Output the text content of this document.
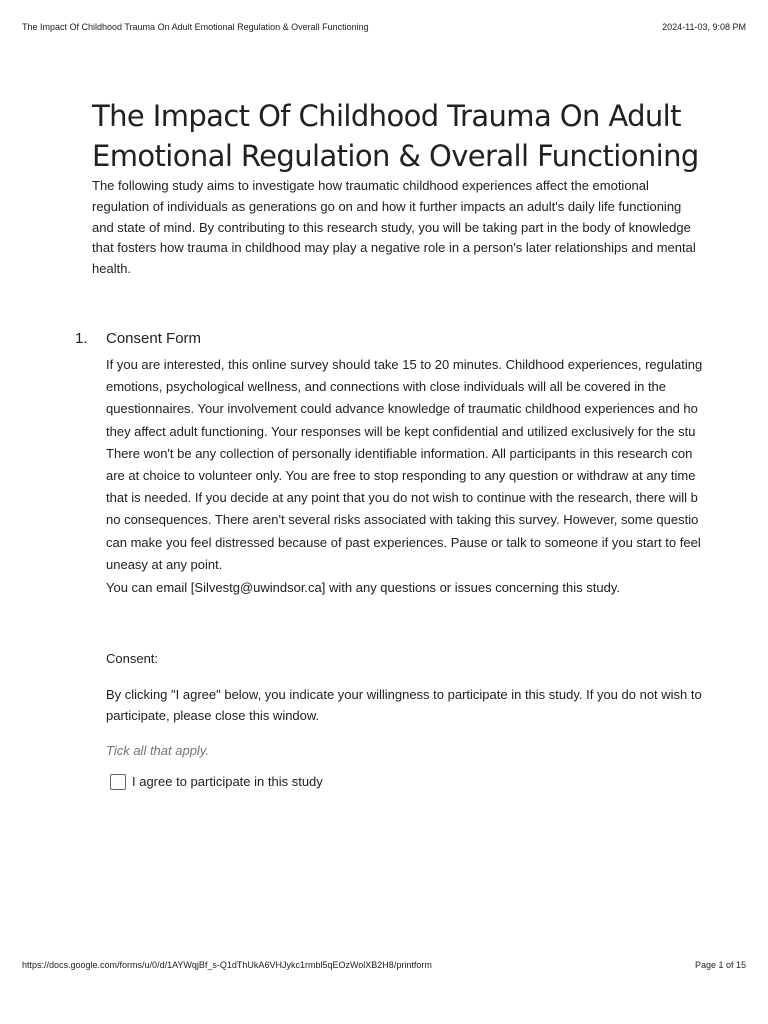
The Impact Of Childhood Trauma On Adult Emotional Regulation & Overall Functioning	2024-11-03, 9:08 PM
The Impact Of Childhood Trauma On Adult
Emotional Regulation & Overall Functioning
The following study aims to investigate how traumatic childhood experiences affect the emotional
regulation of individuals as generations go on and how it further impacts an adult's daily life functioning
and state of mind. By contributing to this research study, you will be taking part in the body of knowledge
that fosters how trauma in childhood may play a negative role in a person's later relationships and mental
health.
1. Consent Form
If you are interested, this online survey should take 15 to 20 minutes. Childhood experiences, regulating
emotions, psychological wellness, and connections with close individuals will all be covered in the
questionnaires. Your involvement could advance knowledge of traumatic childhood experiences and ho
they affect adult functioning. Your responses will be kept confidential and utilized exclusively for the stu
There won't be any collection of personally identifiable information. All participants in this research con
are at choice to volunteer only. You are free to stop responding to any question or withdraw at any time
that is needed. If you decide at any point that you do not wish to continue with the research, there will b
no consequences. There aren't several risks associated with taking this survey. However, some questio
can make you feel distressed because of past experiences. Pause or talk to someone if you start to feel
uneasy at any point.
You can email [Silvestg@uwindsor.ca] with any questions or issues concerning this study.
Consent:
By clicking "I agree" below, you indicate your willingness to participate in this study. If you do not wish to
participate, please close this window.
Tick all that apply.
I agree to participate in this study
https://docs.google.com/forms/u/0/d/1AYWqjBf_s-Q1dThUkA6VHJykc1rmbl5qEOzWolXB2H8/printform	Page 1 of 15
